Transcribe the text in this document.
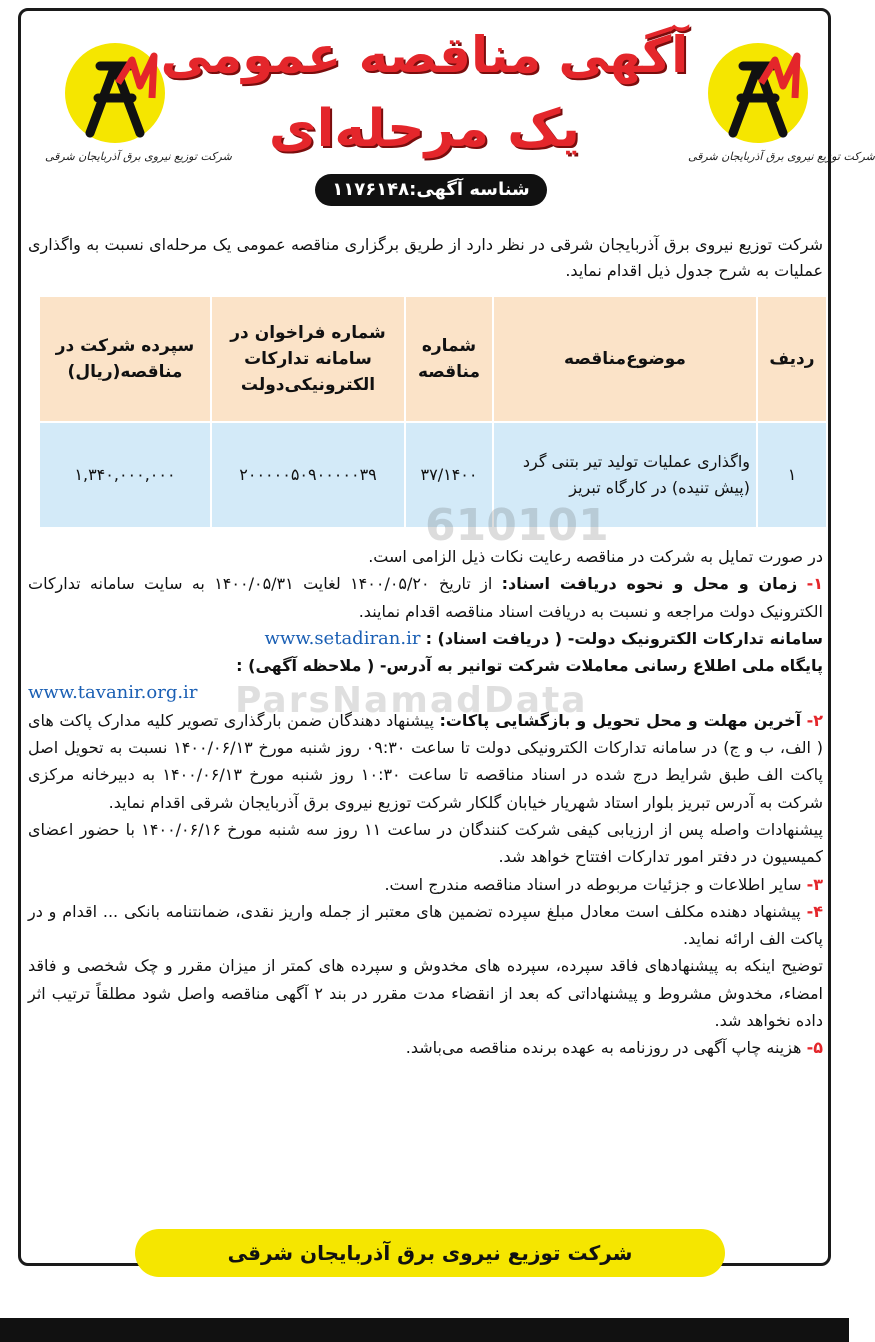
شرکت توزیع نیروی برق آذربایجان شرقی	شرکت توزیع نیروی برق آذربایجان شرقی
آگهی مناقصه عمومی
یک مرحله‌ای
شناسه آگهی:۱۱۷۶۱۴۸
شرکت توزیع نیروی برق آذربایجان شرقی در نظر دارد از طریق برگزاری مناقصه عمومی یک مرحله‌ای نسبت به واگذاری عملیات به شرح جدول ذیل اقدام نماید.
ردیف	موضوع‌مناقصه	شماره مناقصه	شماره فراخوان در سامانه تدارکات الکترونیکی‌دولت	سپرده شرکت در مناقصه(ریال)
۱	واگذاری عملیات تولید تیر بتنی گرد (پیش تنیده) در کارگاه تبریز	۳۷/۱۴۰۰	۲۰۰۰۰۰۵۰۹۰۰۰۰۰۳۹	۱,۳۴۰,۰۰۰,۰۰۰
ParsNamadData

در صورت تمایل به شرکت در مناقصه رعایت نکات ذیل الزامی است.

۱- زمان و محل و نحوه دریافت اسناد: از تاریخ ۱۴۰۰/۰۵/۲۰ لغایت ۱۴۰۰/۰۵/۳۱ به سایت سامانه تدارکات الکترونیک دولت مراجعه و نسبت به دریافت اسناد مناقصه اقدام نمایند.

سامانه تدارکات الکترونیک دولت- ( دریافت اسناد) : www.setadiran.ir

پایگاه ملی اطلاع رسانی معاملات شرکت توانیر به آدرس- ( ملاحظه آگهی) :

www.tavanir.org.ir

۲- آخرین مهلت و محل تحویل و بازگشایی پاکات: پیشنهاد دهندگان ضمن بارگذاری تصویر کلیه مدارک پاکت های ( الف، ب و ج) در سامانه تدارکات الکترونیکی دولت تا ساعت ۰۹:۳۰ روز شنبه مورخ ۱۴۰۰/۰۶/۱۳ نسبت به تحویل اصل پاکت الف طبق شرایط درج شده در اسناد مناقصه تا ساعت ۱۰:۳۰ روز شنبه مورخ ۱۴۰۰/۰۶/۱۳ به دبیرخانه مرکزی شرکت به آدرس تبریز بلوار استاد شهریار خیابان گلکار شرکت توزیع نیروی برق آذربایجان شرقی اقدام نماید.

پیشنهادات واصله پس از ارزیابی کیفی شرکت کنندگان در ساعت ۱۱ روز سه شنبه مورخ ۱۴۰۰/۰۶/۱۶ با حضور اعضای کمیسیون در دفتر امور تدارکات افتتاح خواهد شد.

۳- سایر اطلاعات و جزئیات مربوطه در اسناد مناقصه مندرج است.

۴- پیشنهاد دهنده مکلف است معادل مبلغ سپرده تضمین های معتبر از جمله واریز نقدی، ضمانتنامه بانکی ... اقدام و در پاکت الف ارائه نماید.

توضیح اینکه به پیشنهادهای فاقد سپرده، سپرده های مخدوش و سپرده های کمتر از میزان مقرر و چک شخصی و فاقد امضاء، مخدوش مشروط و پیشنهاداتی که بعد از انقضاء مدت مقرر در بند ۲ آگهی مناقصه واصل شود مطلقاً ترتیب اثر داده نخواهد شد.

۵- هزینه چاپ آگهی در روزنامه به عهده برنده مناقصه می‌باشد.

شرکت توزیع نیروی برق آذربایجان شرقی
